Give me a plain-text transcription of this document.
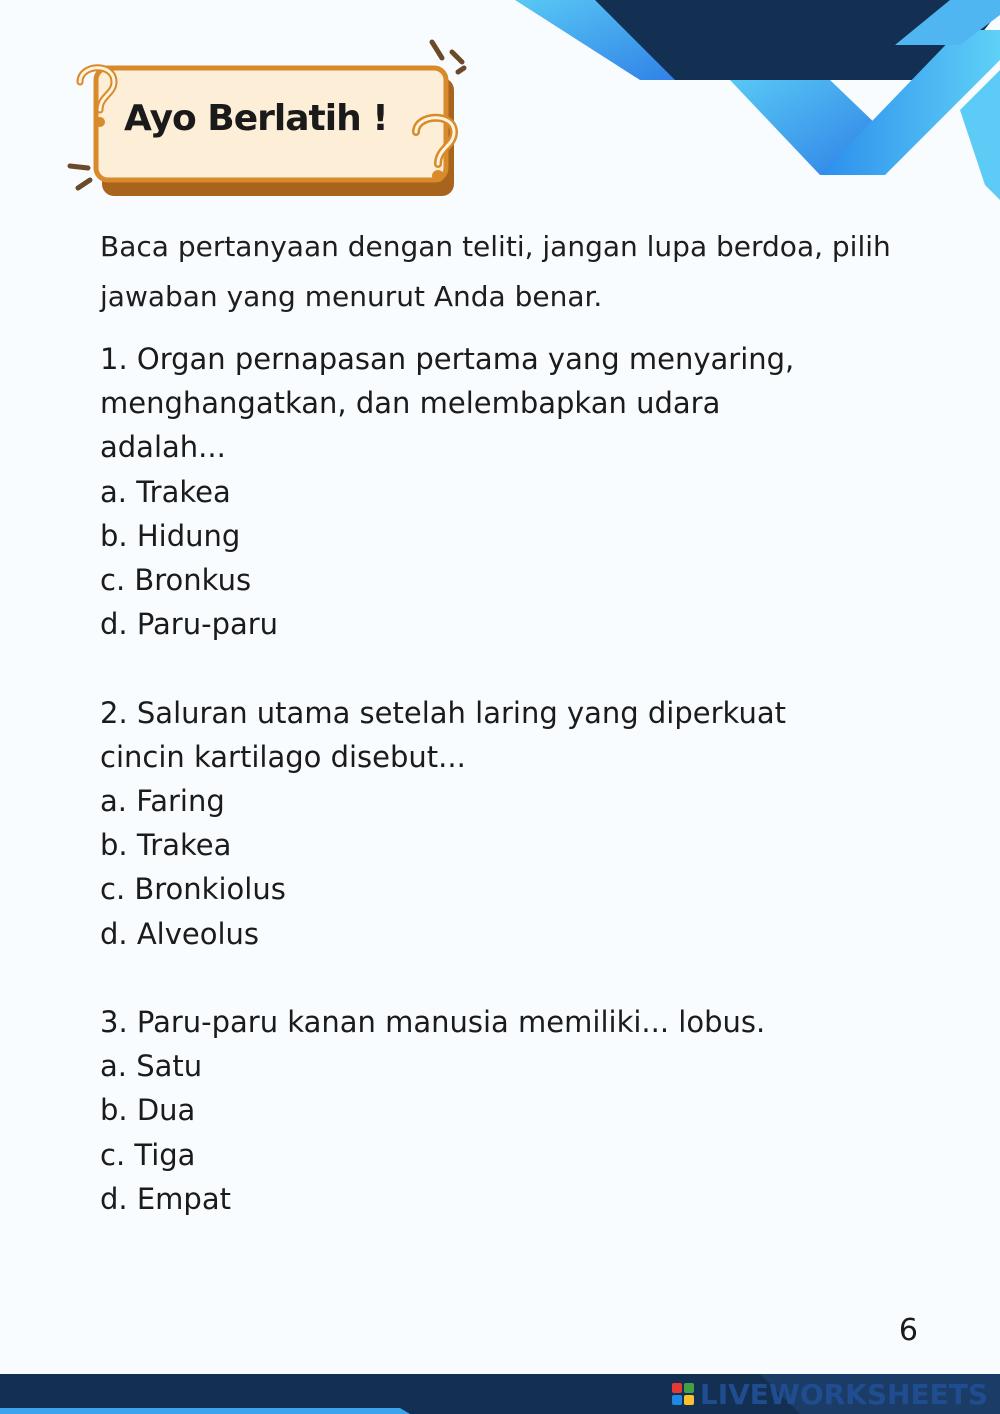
Ayo Berlatih !
Baca pertanyaan dengan teliti, jangan lupa berdoa, pilih jawaban yang menurut Anda benar.
1. Organ pernapasan pertama yang menyaring,
menghangatkan, dan melembapkan udara
adalah...
a. Trakea
b. Hidung
c. Bronkus
d. Paru-paru
2. Saluran utama setelah laring yang diperkuat
cincin kartilago disebut...
a. Faring
b. Trakea
c. Bronkiolus
d. Alveolus
3. Paru-paru kanan manusia memiliki... lobus.
a. Satu
b. Dua
c. Tiga
d. Empat
6
LIVEWORKSHEETS
